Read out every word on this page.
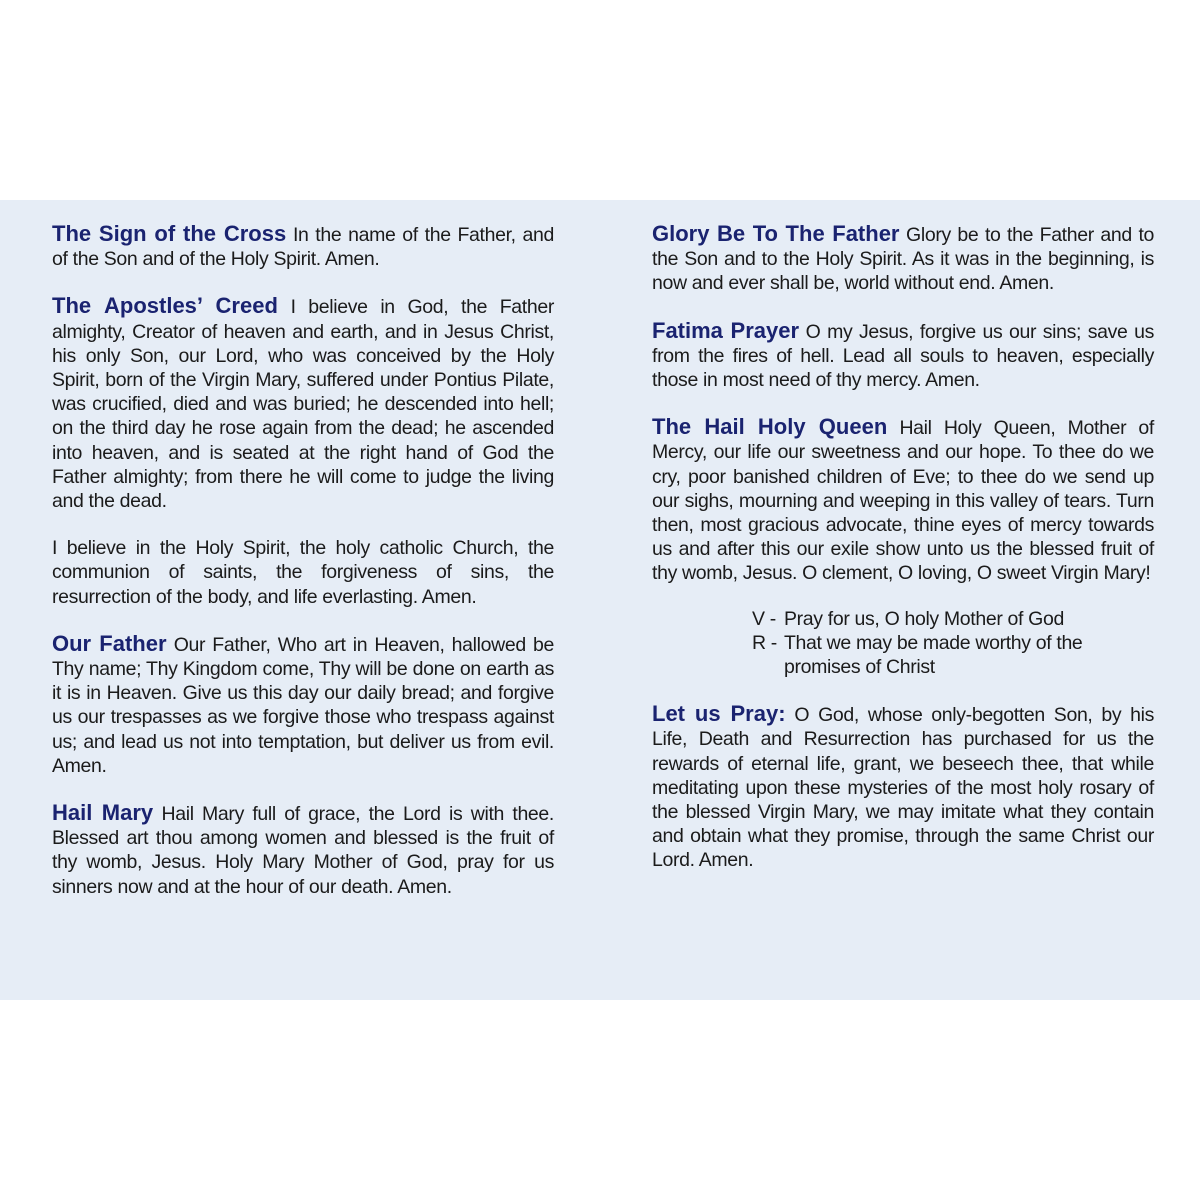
The Sign of the Cross In the name of the Father, and of the Son and of the Holy Spirit. Amen.

The Apostles’ Creed I believe in God, the Father almighty, Creator of heaven and earth, and in Jesus Christ, his only Son, our Lord, who was conceived by the Holy Spirit, born of the Virgin Mary, suffered under Pontius Pilate, was crucified, died and was buried; he descended into hell; on the third day he rose again from the dead; he ascended into heaven, and is seated at the right hand of God the Father almighty; from there he will come to judge the living and the dead.

I believe in the Holy Spirit, the holy catholic Church, the communion of saints, the forgiveness of sins, the resurrection of the body, and life everlasting. Amen.

Our Father Our Father, Who art in Heaven, hallowed be Thy name; Thy Kingdom come, Thy will be done on earth as it is in Heaven. Give us this day our daily bread; and forgive us our trespasses as we forgive those who trespass against us; and lead us not into temptation, but deliver us from evil. Amen.

Hail Mary Hail Mary full of grace, the Lord is with thee. Blessed art thou among women and blessed is the fruit of thy womb, Jesus. Holy Mary Mother of God, pray for us sinners now and at the hour of our death. Amen.

Glory Be To The Father Glory be to the Father and to the Son and to the Holy Spirit. As it was in the beginning, is now and ever shall be, world without end. Amen.

Fatima Prayer O my Jesus, forgive us our sins; save us from the fires of hell. Lead all souls to heaven, especially those in most need of thy mercy. Amen.

The Hail Holy Queen Hail Holy Queen, Mother of Mercy, our life our sweetness and our hope. To thee do we cry, poor banished children of Eve; to thee do we send up our sighs, mourning and weeping in this valley of tears. Turn then, most gracious advocate, thine eyes of mercy towards us and after this our exile show unto us the blessed fruit of thy womb, Jesus. O clement, O loving, O sweet Virgin Mary!

V - Pray for us, O holy Mother of God
R - That we may be made worthy of the promises of Christ

Let us Pray: O God, whose only-begotten Son, by his Life, Death and Resurrection has purchased for us the rewards of eternal life, grant, we beseech thee, that while meditating upon these mysteries of the most holy rosary of the blessed Virgin Mary, we may imitate what they contain and obtain what they promise, through the same Christ our Lord. Amen.
